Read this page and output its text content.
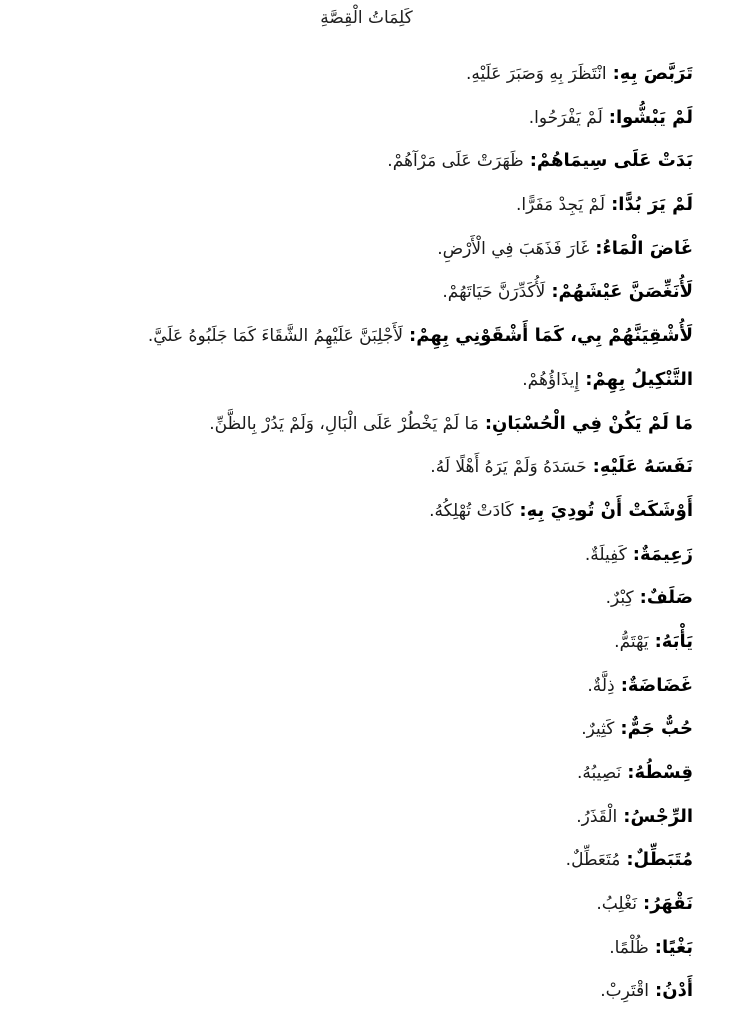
كَلِمَاتُ الْقِصَّةِ
تَرَبَّصَ بِهِ:انْتَظَرَ بِهِ وَصَبَرَ عَلَيْهِ.
لَمْ يَبْشُّوا:لَمْ يَفْرَحُوا.
بَدَتْ عَلَى سِيمَاهُمْ:ظَهَرَتْ عَلَى مَرْآهُمْ.
لَمْ يَرَ بُدًّا:لَمْ يَجِدْ مَفَرًّا.
غَاضَ الْمَاءُ:غَارَ فَذَهَبَ فِي الْأَرْضِ.
لَأُنَغِّصَنَّ عَيْشَهُمْ:لَأُكَدِّرَنَّ حَيَاتَهُمْ.
لَأُشْقِيَنَّهُمْ بِي، كَمَا أَشْقَوْنِي بِهِمْ:لَأَجْلِبَنَّ عَلَيْهِمُ الشَّقَاءَ كَمَا جَلَبُوهُ عَلَيَّ.
التَّنْكِيلُ بِهِمْ:إِيذَاؤُهُمْ.
مَا لَمْ يَكُنْ فِي الْحُسْبَانِ:مَا لَمْ يَخْطُرْ عَلَى الْبَالِ، وَلَمْ يَدُرْ بِالظَّنِّ.
نَفَسَهُ عَلَيْهِ:حَسَدَهُ وَلَمْ يَرَهُ أَهْلًا لَهُ.
أَوْشَكَتْ أَنْ تُودِيَ بِهِ:كَادَتْ تُهْلِكُهُ.
زَعِيمَةٌ:كَفِيلَةٌ.
صَلَفٌ:كِبْرٌ.
يَأْبَهُ:يَهْتَمُّ.
غَضَاضَةٌ:ذِلَّةٌ.
حُبٌّ جَمٌّ:كَثِيرٌ.
قِسْطُهُ:نَصِيبُهُ.
الرِّجْسُ:الْقَذَرُ.
مُتَبَطِّلٌ:مُتَعَطِّلٌ.
نَقْهَرُ:نَغْلِبُ.
بَغْيًا:ظُلْمًا.
أَدْنُ:اقْتَرِبْ.
